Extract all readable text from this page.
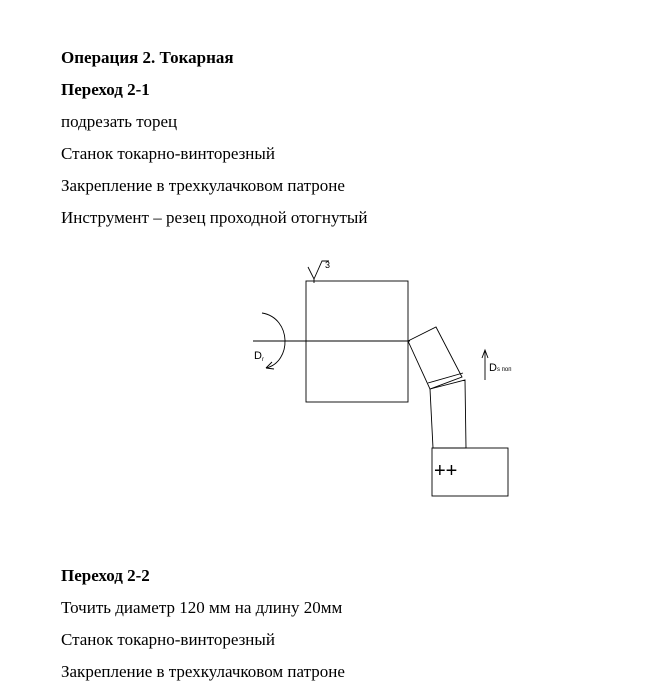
Операция 2. Токарная
Переход 2-1
подрезать торец
Станок токарно-винторезный
Закрепление в трехкулачковом патроне
Инструмент – резец проходной отогнутый
3
Dr
Ds поп
++
Переход 2-2
Точить диаметр 120 мм на длину 20мм
Станок токарно-винторезный
Закрепление в трехкулачковом патроне
